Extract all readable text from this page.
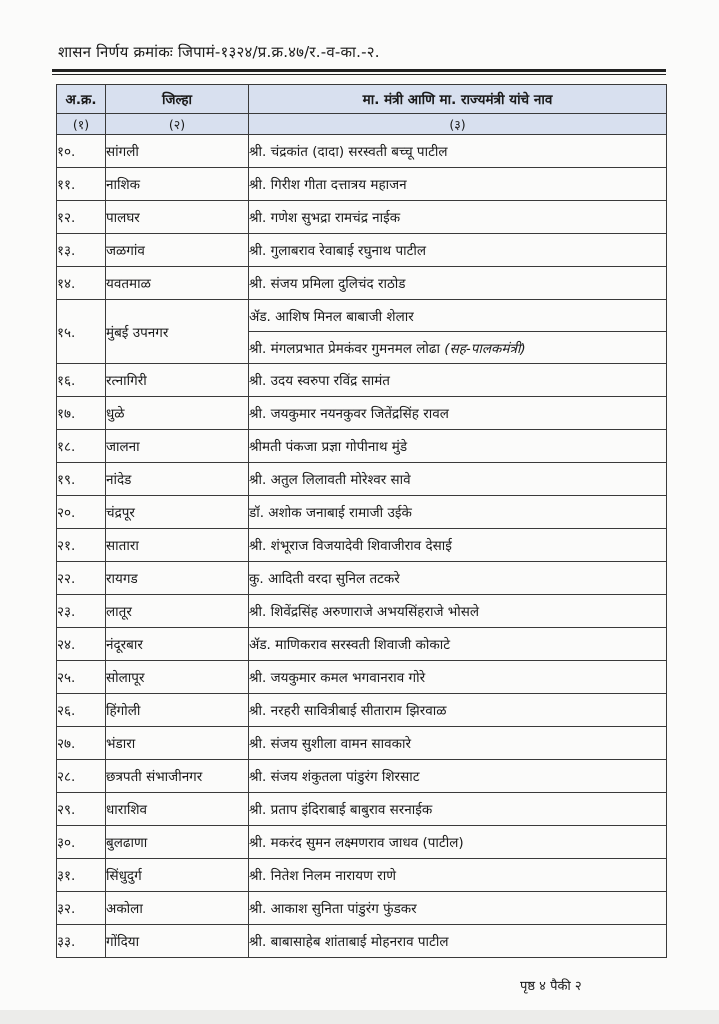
शासन निर्णय क्रमांकः जिपामं-१३२४/प्र.क्र.४७/र.-व-का.-२.
अ.क्र.	जिल्हा	मा. मंत्री आणि मा. राज्यमंत्री यांचे नाव
(१)	(२)	(३)
१०.	सांगली	श्री. चंद्रकांत (दादा) सरस्वती बच्चू पाटील
११.	नाशिक	श्री. गिरीश गीता दत्तात्रय महाजन
१२.	पालघर	श्री. गणेश सुभद्रा रामचंद्र नाईक
१३.	जळगांव	श्री. गुलाबराव रेवाबाई रघुनाथ पाटील
१४.	यवतमाळ	श्री. संजय प्रमिला दुलिचंद राठोड
१५.	मुंबई उपनगर	ॲड. आशिष मिनल बाबाजी शेलार
		श्री. मंगलप्रभात प्रेमकंवर गुमनमल लोढा (सह-पालकमंत्री)
१६.	रत्नागिरी	श्री. उदय स्वरुपा रविंद्र सामंत
१७.	धुळे	श्री. जयकुमार नयनकुवर जितेंद्रसिंह रावल
१८.	जालना	श्रीमती पंकजा प्रज्ञा गोपीनाथ मुंडे
१९.	नांदेड	श्री. अतुल लिलावती मोरेश्वर सावे
२०.	चंद्रपूर	डॉ. अशोक जनाबाई रामाजी उईके
२१.	सातारा	श्री. शंभूराज विजयादेवी शिवाजीराव देसाई
२२.	रायगड	कु. आदिती वरदा सुनिल तटकरे
२३.	लातूर	श्री. शिवेंद्रसिंह अरुणाराजे अभयसिंहराजे भोसले
२४.	नंदूरबार	ॲड. माणिकराव सरस्वती शिवाजी कोकाटे
२५.	सोलापूर	श्री. जयकुमार कमल भगवानराव गोरे
२६.	हिंगोली	श्री. नरहरी सावित्रीबाई सीताराम झिरवाळ
२७.	भंडारा	श्री. संजय सुशीला वामन सावकारे
२८.	छत्रपती संभाजीनगर	श्री. संजय शंकुतला पांडुरंग शिरसाट
२९.	धाराशिव	श्री. प्रताप इंदिराबाई बाबुराव सरनाईक
३०.	बुलढाणा	श्री. मकरंद सुमन लक्ष्मणराव जाधव (पाटील)
३१.	सिंधुदुर्ग	श्री. नितेश निलम नारायण राणे
३२.	अकोला	श्री. आकाश सुनिता पांडुरंग फुंडकर
३३.	गोंदिया	श्री. बाबासाहेब शांताबाई मोहनराव पाटील
पृष्ठ ४ पैकी २
